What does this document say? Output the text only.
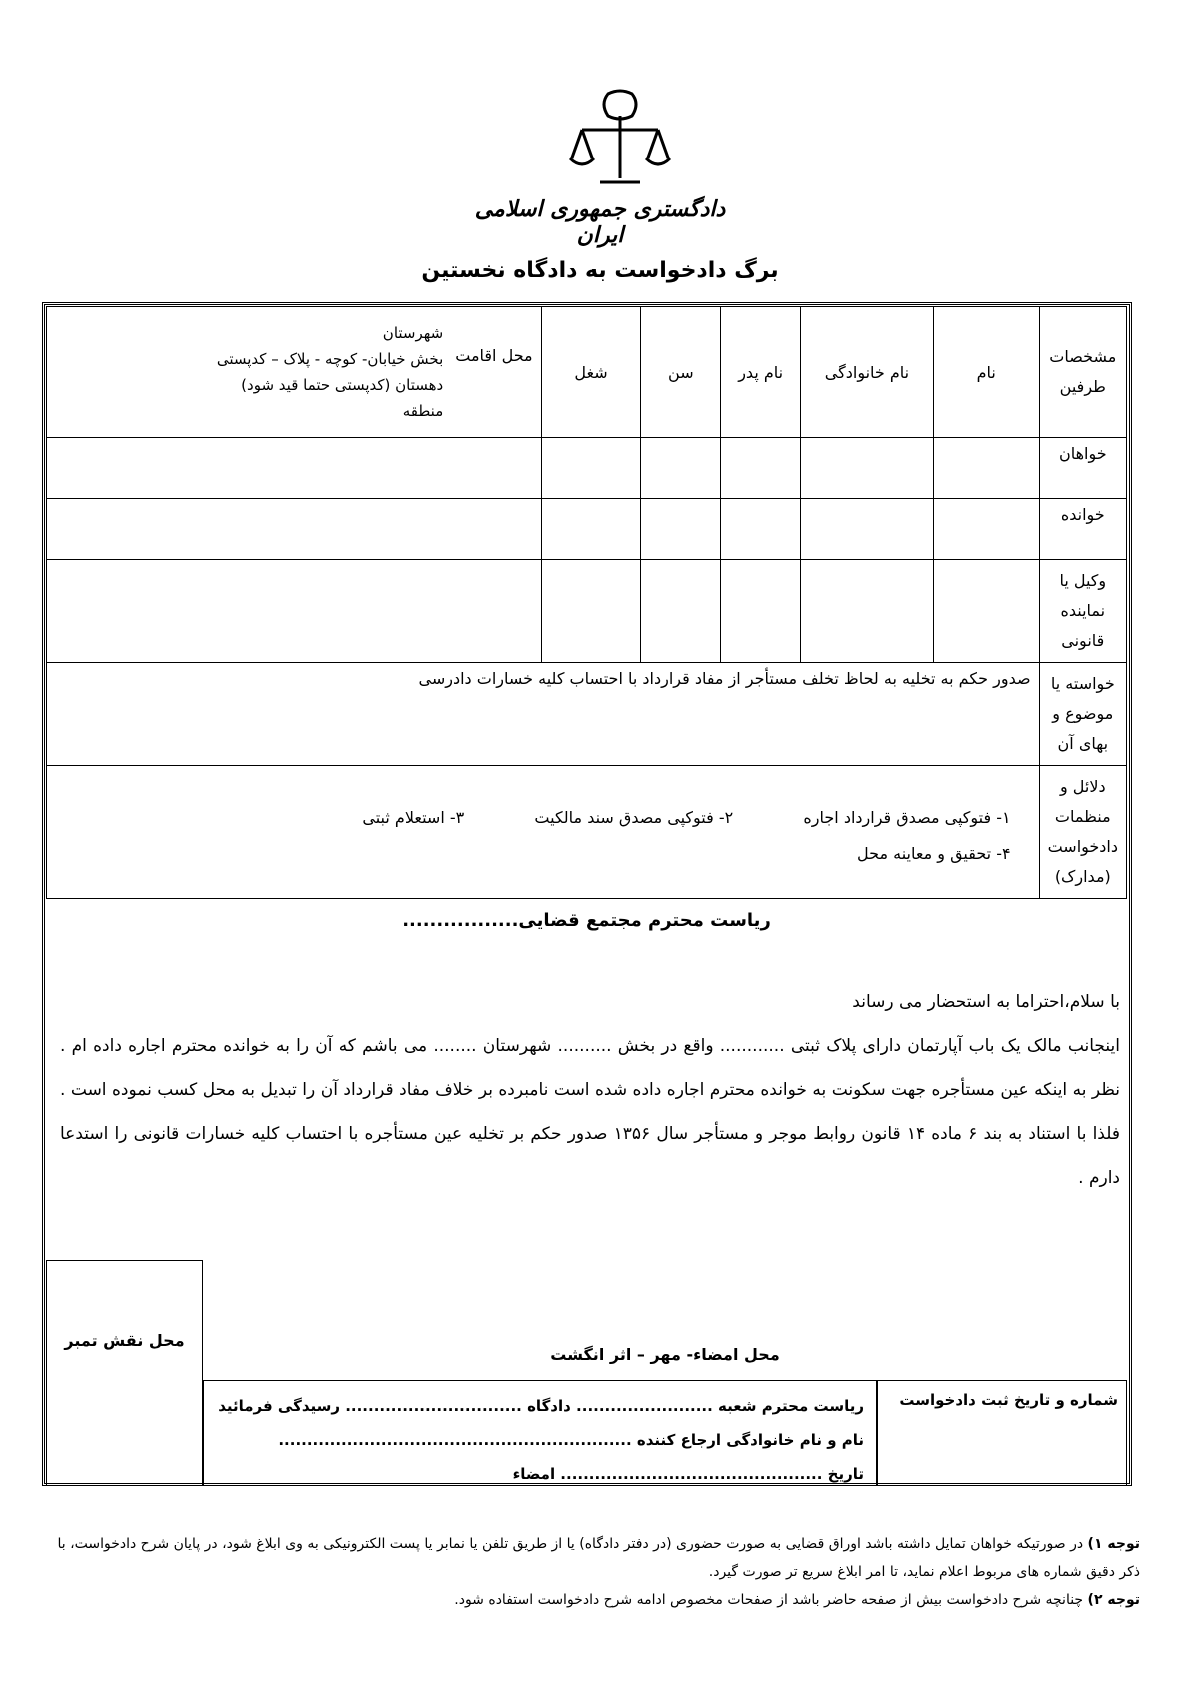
دادگستری جمهوری اسلامی ایران
برگ دادخواست به دادگاه نخستین
مشخصات طرفین	نام	نام خانوادگی	نام پدر	سن	شغل	محل اقامت
شهرستان
بخش خیابان- کوچه - پلاک – کدپستی
دهستان (کدپستی حتما قید شود)
منطقه

خواهان						
خوانده						
وکیل یا نماینده قانونی						
خواسته یا موضوع و بهای آن	صدور حکم به تخلیه به لحاظ تخلف مستأجر از مفاد قرارداد با احتساب کلیه خسارات دادرسی					
دلائل و منظمات دادخواست (مدارک)	۱- فتوکپی مصدق قرارداد اجاره  ۲- فتوکپی مصدق سند مالکیت  ۳- استعلام ثبتی
۴- تحقیق و معاینه محل					
ریاست محترم مجتمع قضایی.................
با سلام،احتراما به استحضار می رساند
اینجانب مالک یک باب آپارتمان دارای پلاک ثبتی ............ واقع در بخش .......... شهرستان ........ می باشم که آن را به خوانده محترم اجاره داده ام . نظر به اینکه عین مستأجره جهت سکونت به خوانده محترم اجاره داده شده است نامبرده بر خلاف مفاد قرارداد آن را تبدیل به محل کسب نموده است . فلذا با استناد به بند ۶ ماده ۱۴ قانون روابط موجر و مستأجر سال ۱۳۵۶ صدور حکم بر تخلیه عین مستأجره با احتساب کلیه خسارات قانونی را استدعا دارم .
محل نقش تمبر
محل امضاء- مهر – اثر انگشت
ریاست محترم شعبه ........................ دادگاه ............................... رسیدگی فرمائید
نام و نام خانوادگی ارجاع کننده ..............................................................
تاریخ .............................................. امضاء
شماره و تاریخ ثبت دادخواست
توجه ۱) در صورتیکه خواهان تمایل داشته باشد اوراق قضایی به صورت حضوری (در دفتر دادگاه) یا از طریق تلفن یا نمابر یا پست الکترونیکی به وی ابلاغ شود، در پایان شرح دادخواست، با ذکر دقیق شماره های مربوط اعلام نماید، تا امر ابلاغ سریع تر صورت گیرد.
توجه ۲) چنانچه شرح دادخواست بیش از صفحه حاضر باشد از صفحات مخصوص ادامه شرح دادخواست استفاده شود.
